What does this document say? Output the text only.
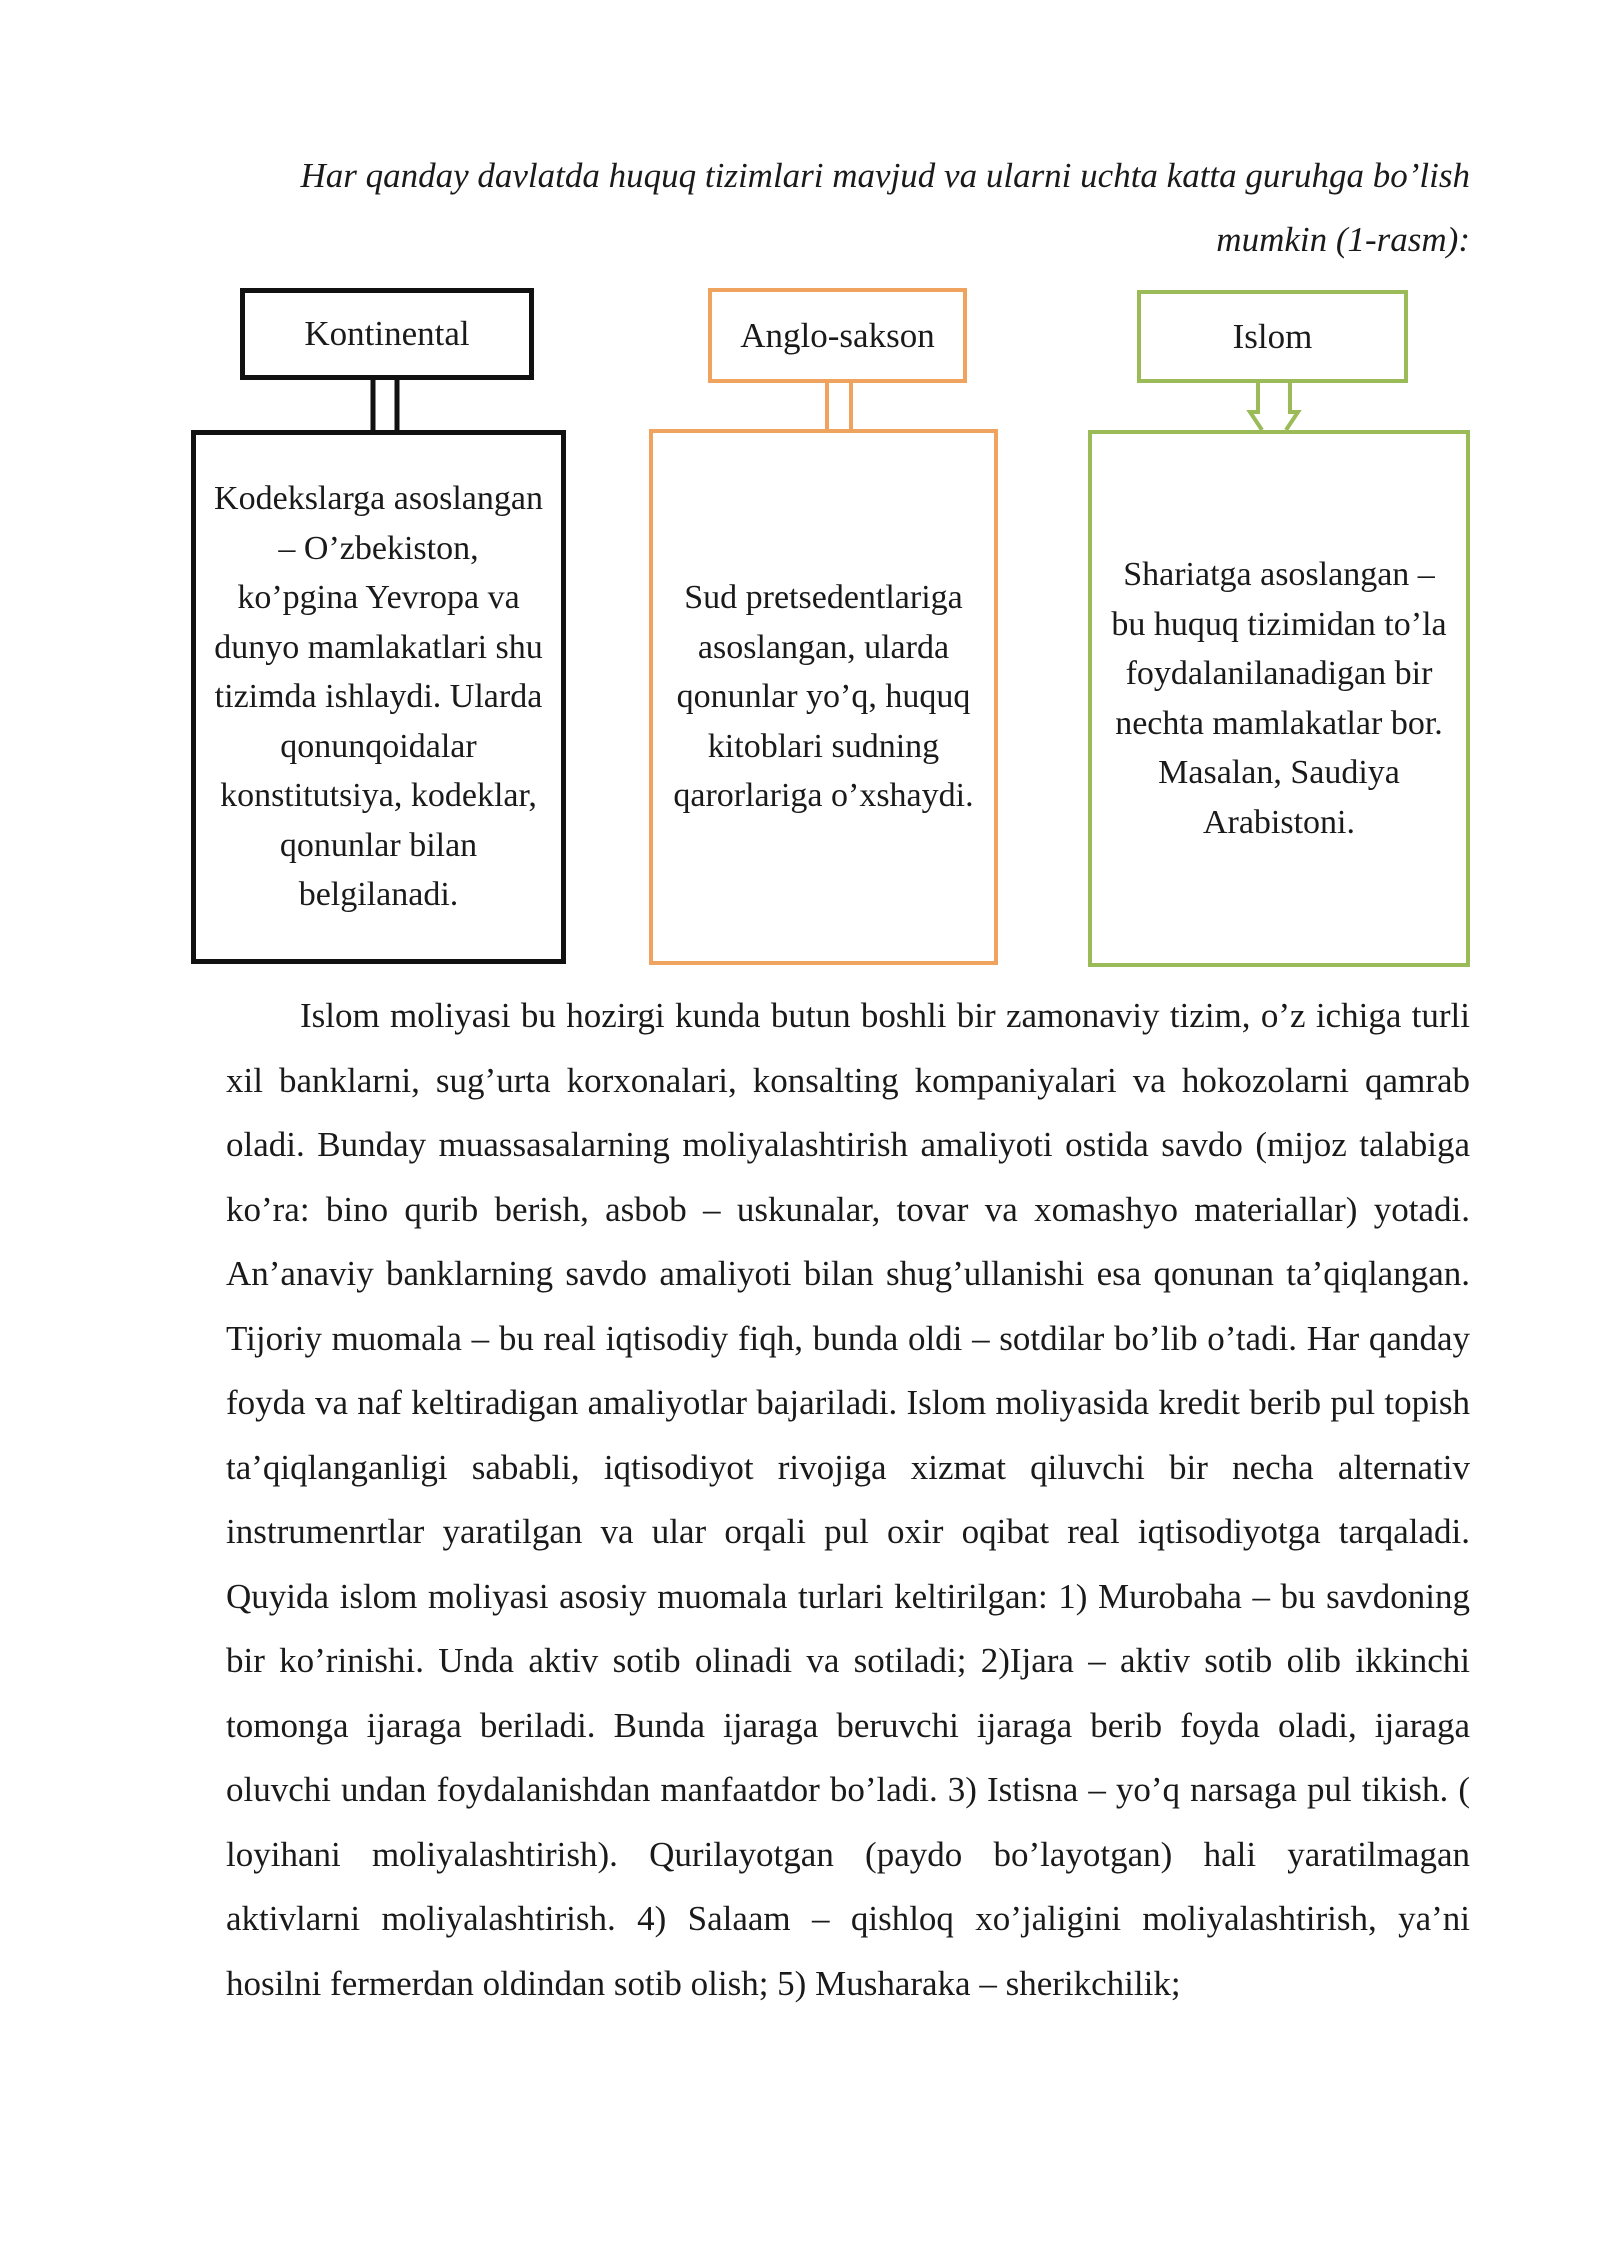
Har qanday davlatda huquq tizimlari mavjud va ularni uchta katta guruhga bo’lish mumkin (1-rasm):

Kontinental
Kodekslarga asoslangan – O’zbekiston, ko’pgina Yevropa va dunyo mamlakatlari shu tizimda ishlaydi. Ularda qonunqoidalar konstitutsiya, kodeklar, qonunlar bilan belgilanadi.
Anglo-sakson
Sud pretsedentlariga asoslangan, ularda qonunlar yo’q, huquq kitoblari sudning qarorlariga o’xshaydi.
Islom
Shariatga asoslangan – bu huquq tizimidan to’la foydalanilanadigan bir nechta mamlakatlar bor. Masalan, Saudiya Arabistoni.

Islom moliyasi bu hozirgi kunda butun boshli bir zamonaviy tizim, o’z ichiga turli xil banklarni, sug’urta korxonalari, konsalting kompaniyalari va hokozolarni qamrab oladi. Bunday muassasalarning moliyalashtirish amaliyoti ostida savdo (mijoz talabiga ko’ra: bino qurib berish, asbob – uskunalar, tovar va xomashyo materiallar) yotadi. An’anaviy banklarning savdo amaliyoti bilan shug’ullanishi esa qonunan ta’qiqlangan. Tijoriy muomala – bu real iqtisodiy fiqh, bunda oldi – sotdilar bo’lib o’tadi. Har qanday foyda va naf keltiradigan amaliyotlar bajariladi. Islom moliyasida kredit berib pul topish ta’qiqlanganligi sababli, iqtisodiyot rivojiga xizmat qiluvchi bir necha alternativ instrumenrtlar yaratilgan va ular orqali pul oxir oqibat real iqtisodiyotga tarqaladi. Quyida islom moliyasi asosiy muomala turlari keltirilgan: 1) Murobaha – bu savdoning bir ko’rinishi. Unda aktiv sotib olinadi va sotiladi; 2)Ijara – aktiv sotib olib ikkinchi tomonga ijaraga beriladi. Bunda ijaraga beruvchi ijaraga berib foyda oladi, ijaraga oluvchi undan foydalanishdan manfaatdor bo’ladi. 3) Istisna – yo’q narsaga pul tikish. ( loyihani moliyalashtirish). Qurilayotgan (paydo bo’layotgan) hali yaratilmagan aktivlarni moliyalashtirish. 4) Salaam – qishloq xo’jaligini moliyalashtirish, ya’ni hosilni fermerdan oldindan sotib olish; 5) Musharaka – sherikchilik;
